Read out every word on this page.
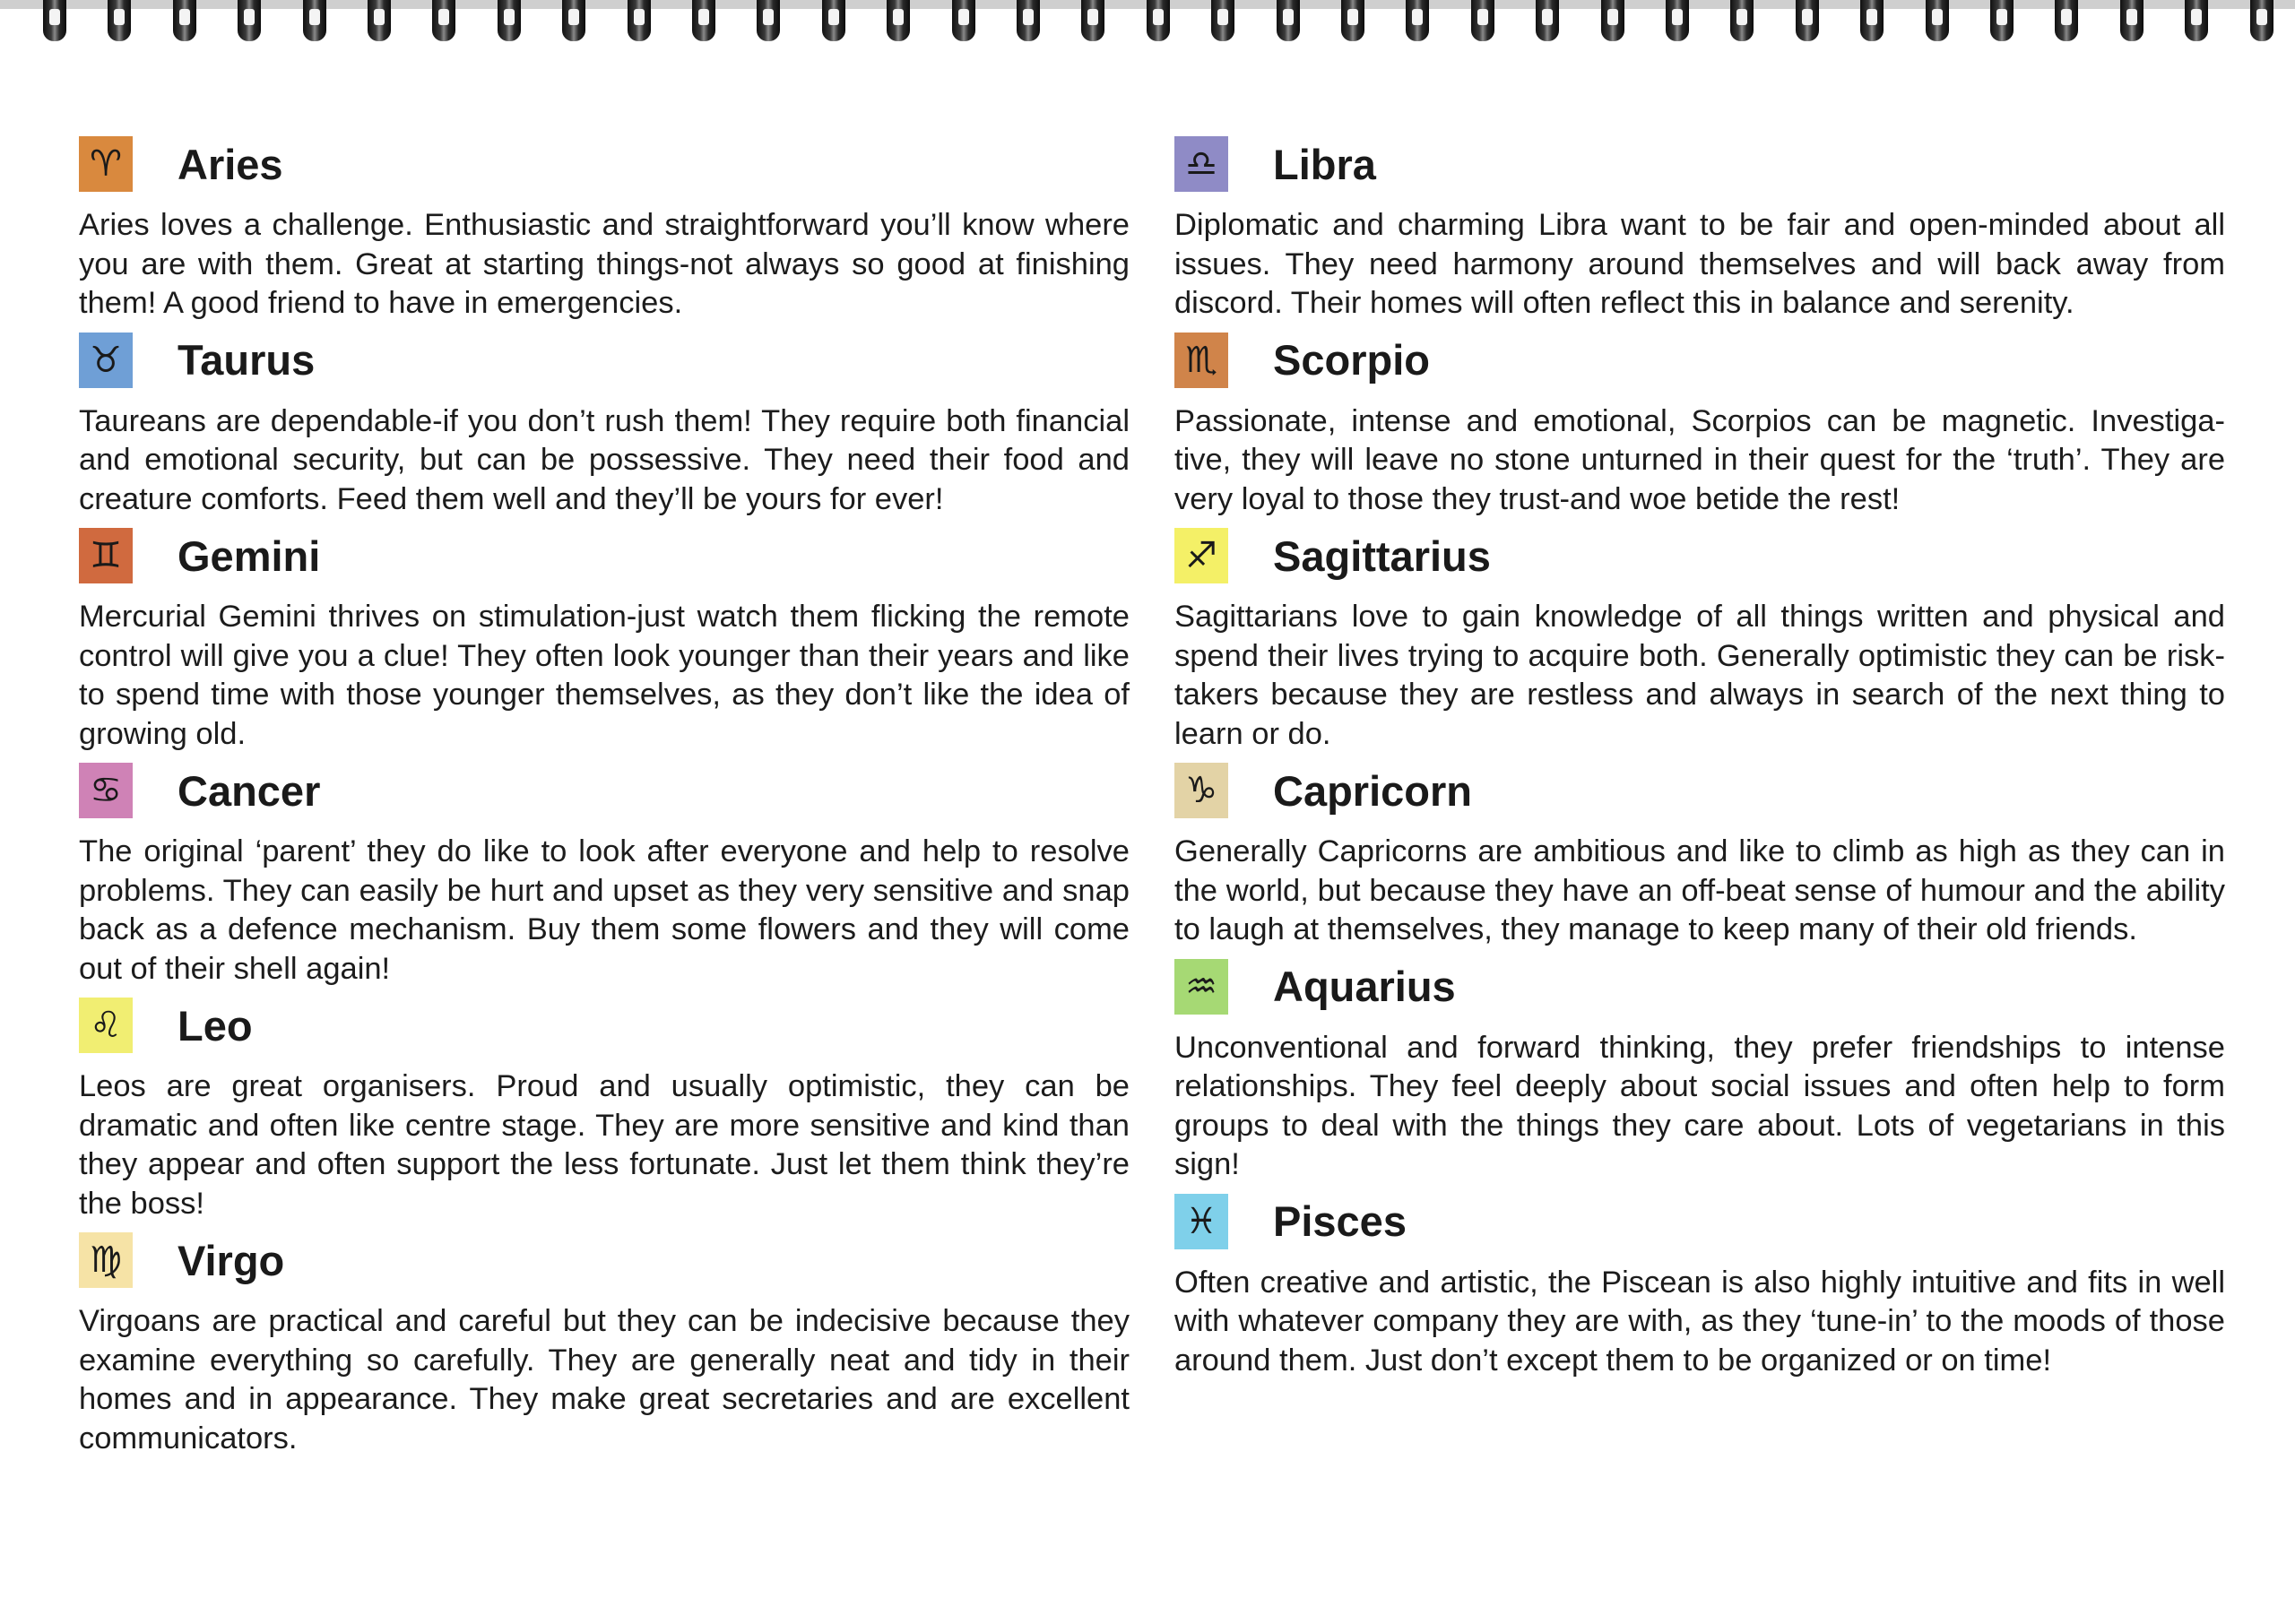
♈ Aries

Aries loves a challenge. Enthusiastic and straightforward you’ll know where you are with them. Great at starting things-not always so good at finishing them! A good friend to have in emergencies.

♉ Taurus

Taureans are dependable-if you don’t rush them! They require both financial and emotional security, but can be possessive. They need their food and creature comforts. Feed them well and they’ll be yours for ever!

♊ Gemini

Mercurial Gemini thrives on stimulation-just watch them flicking the remote control will give you a clue! They often look younger than their years and like to spend time with those younger themselves, as they don’t like the idea of growing old.

♋ Cancer

The original ‘parent’ they do like to look after everyone and help to resolve problems. They can easily be hurt and upset as they very sensitive and snap back as a defence mechanism. Buy them some flowers and they will come out of their shell again!

♌ Leo

Leos are great organisers. Proud and usually optimistic, they can be dramatic and often like centre stage. They are more sensitive and kind than they appear and often support the less fortunate. Just let them think they’re the boss!

♍ Virgo

Virgoans are practical and careful but they can be indecisive because they examine everything so carefully. They are generally neat and tidy in their homes and in appearance. They make great secretaries and are excellent communicators.

♎ Libra

Diplomatic and charming Libra want to be fair and open-minded about all issues. They need harmony around themselves and will back away from discord. Their homes will often reflect this in balance and serenity.

♏ Scorpio

Passionate, intense and emotional, Scorpios can be magnetic. Investiga-tive, they will leave no stone unturned in their quest for the ‘truth’. They are very loyal to those they trust-and woe betide the rest!

♐ Sagittarius

Sagittarians love to gain knowledge of all things written and physical and spend their lives trying to acquire both. Generally optimistic they can be risk-takers because they are restless and always in search of the next thing to learn or do.

♑ Capricorn

Generally Capricorns are ambitious and like to climb as high as they can in the world, but because they have an off-beat sense of humour and the ability to laugh at themselves, they manage to keep many of their old friends.

♒ Aquarius

Unconventional and forward thinking, they prefer friendships to intense relationships. They feel deeply about social issues and often help to form groups to deal with the things they care about. Lots of vegetarians in this sign!

♓ Pisces

Often creative and artistic, the Piscean is also highly intuitive and fits in well with whatever company they are with, as they ‘tune-in’ to the moods of those around them. Just don’t except them to be organized or on time!
